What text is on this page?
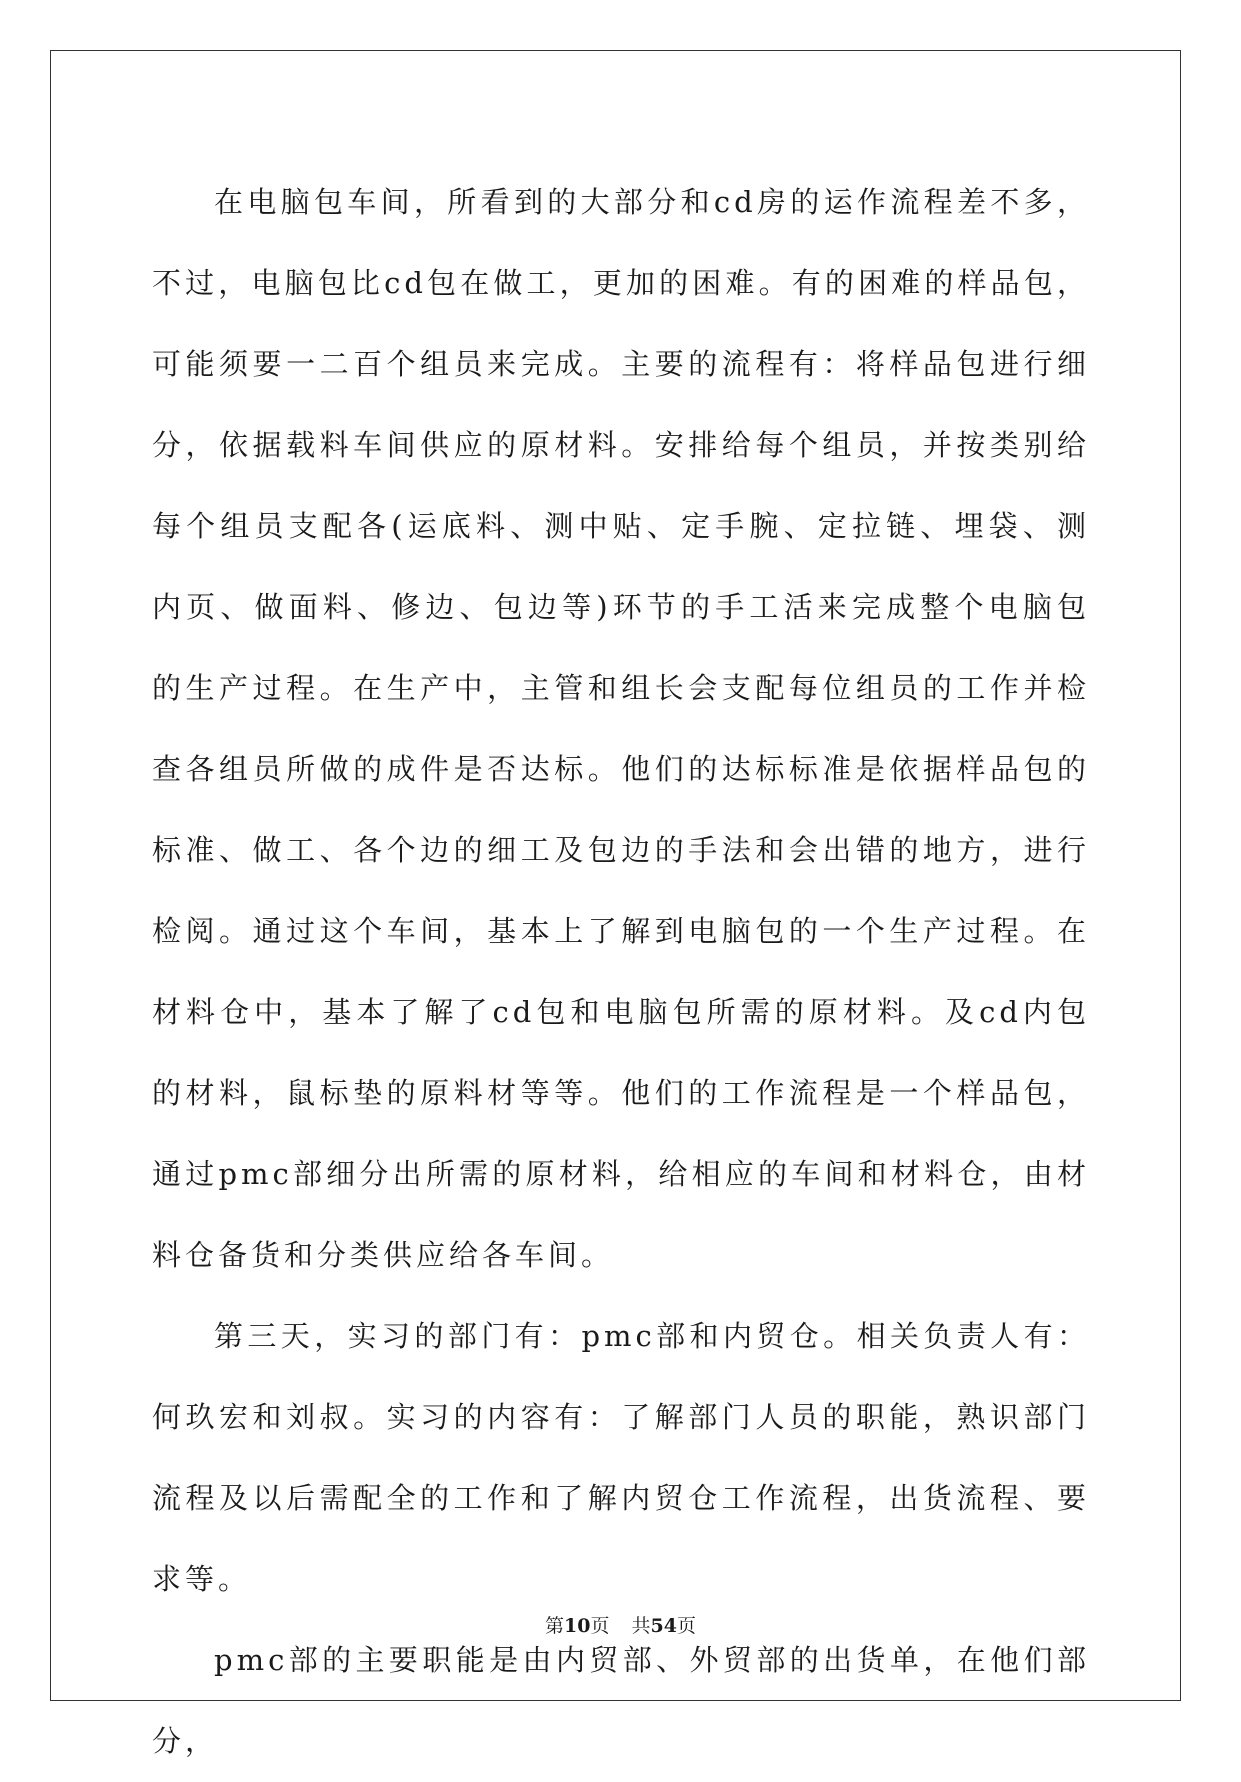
在电脑包车间，所看到的大部分和cd房的运作流程差不多，不过，电脑包比cd包在做工，更加的困难。有的困难的样品包，可能须要一二百个组员来完成。主要的流程有：将样品包进行细分，依据载料车间供应的原材料。安排给每个组员，并按类别给每个组员支配各(运底料、测中贴、定手腕、定拉链、埋袋、测内页、做面料、修边、包边等)环节的手工活来完成整个电脑包的生产过程。在生产中，主管和组长会支配每位组员的工作并检查各组员所做的成件是否达标。他们的达标标准是依据样品包的标准、做工、各个边的细工及包边的手法和会出错的地方，进行检阅。通过这个车间，基本上了解到电脑包的一个生产过程。在材料仓中，基本了解了cd包和电脑包所需的原材料。及cd内包的材料，鼠标垫的原料材等等。他们的工作流程是一个样品包，通过pmc部细分出所需的原材料，给相应的车间和材料仓，由材料仓备货和分类供应给各车间。

第三天，实习的部门有：pmc部和内贸仓。相关负责人有：何玖宏和刘叔。实习的内容有：了解部门人员的职能，熟识部门流程及以后需配全的工作和了解内贸仓工作流程，出货流程、要求等。

pmc部的主要职能是由内贸部、外贸部的出货单，在他们部分，

第10页 共54页
